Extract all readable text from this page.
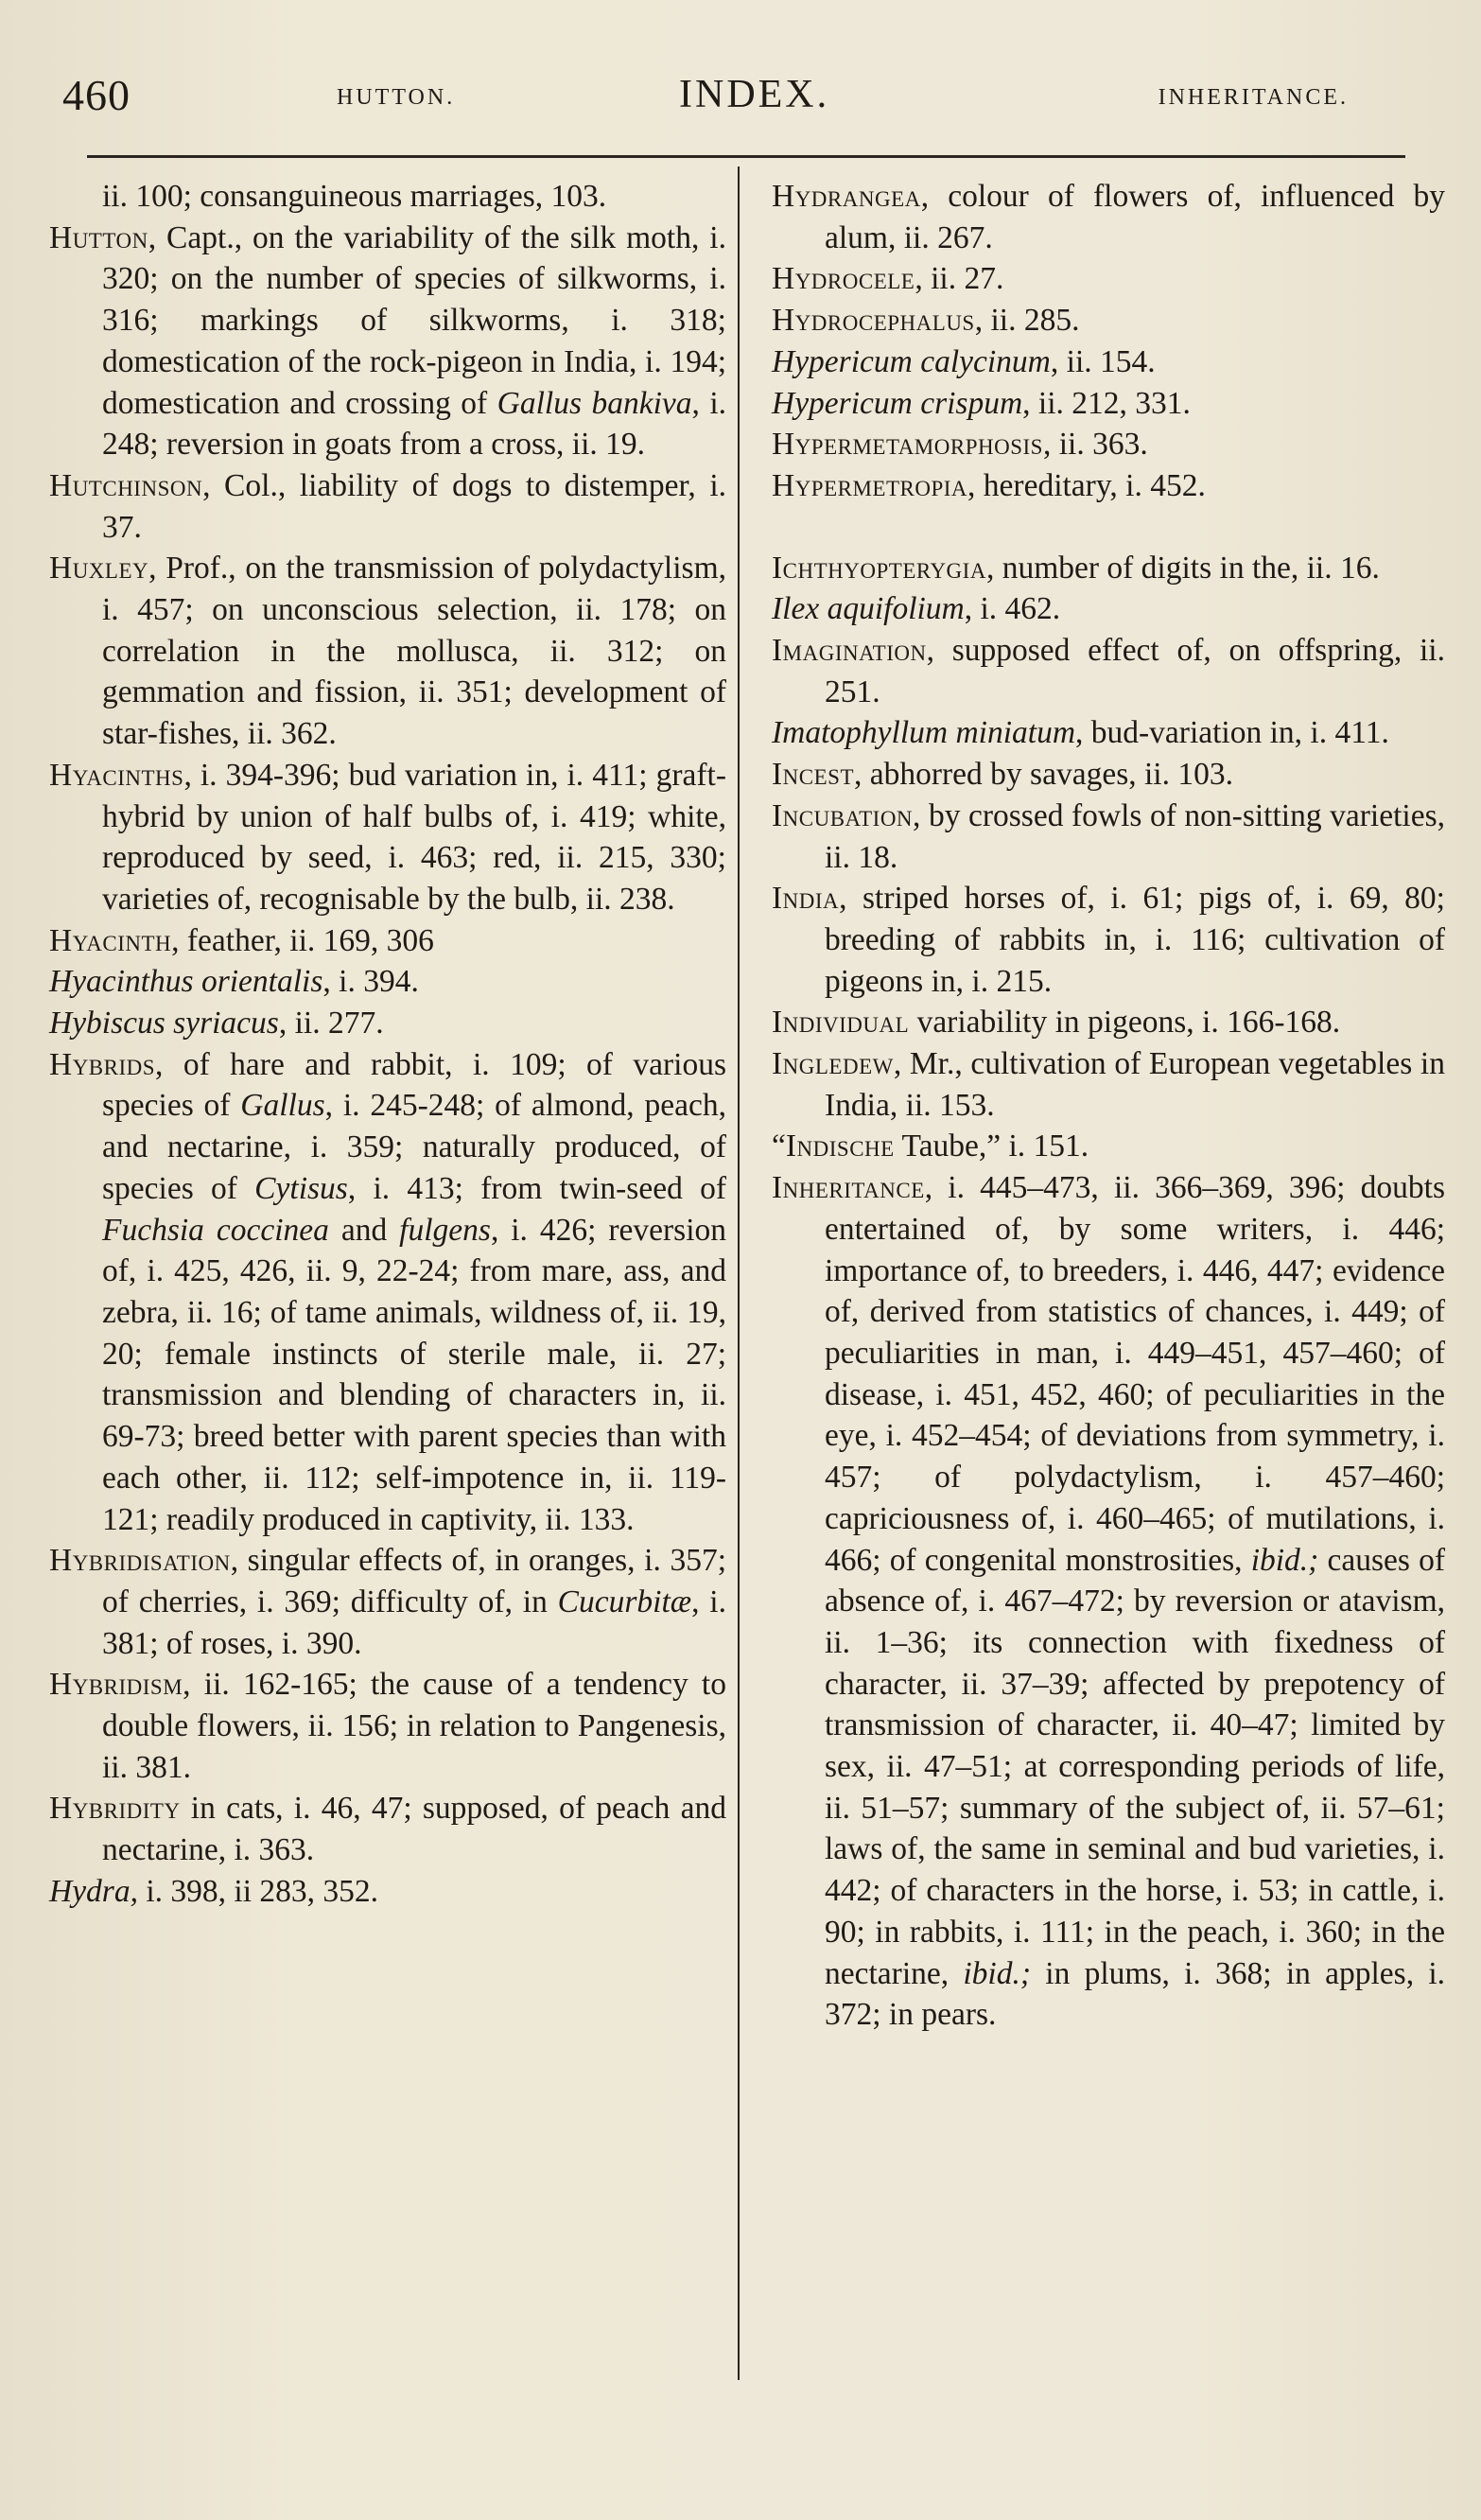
460	HUTTON.	INDEX.	INHERITANCE.

ii. 100; consanguineous marriages, 103.

Hutton, Capt., on the variability of the silk moth, i. 320; on the number of species of silkworms, i. 316; markings of silkworms, i. 318; domestication of the rock-pigeon in India, i. 194; domestication and crossing of Gallus bankiva, i. 248; reversion in goats from a cross, ii. 19.

Hutchinson, Col., liability of dogs to distemper, i. 37.

Huxley, Prof., on the transmission of polydactylism, i. 457; on unconscious selection, ii. 178; on correlation in the mollusca, ii. 312; on gemmation and fission, ii. 351; development of star-fishes, ii. 362.

Hyacinths, i. 394-396; bud variation in, i. 411; graft-hybrid by union of half bulbs of, i. 419; white, reproduced by seed, i. 463; red, ii. 215, 330; varieties of, recognisable by the bulb, ii. 238.

Hyacinth, feather, ii. 169, 306

Hyacinthus orientalis, i. 394.

Hybiscus syriacus, ii. 277.

Hybrids, of hare and rabbit, i. 109; of various species of Gallus, i. 245-248; of almond, peach, and nectarine, i. 359; naturally produced, of species of Cytisus, i. 413; from twin-seed of Fuchsia coccinea and fulgens, i. 426; reversion of, i. 425, 426, ii. 9, 22-24; from mare, ass, and zebra, ii. 16; of tame animals, wildness of, ii. 19, 20; female instincts of sterile male, ii. 27; transmission and blending of characters in, ii. 69-73; breed better with parent species than with each other, ii. 112; self-impotence in, ii. 119-121; readily produced in captivity, ii. 133.

Hybridisation, singular effects of, in oranges, i. 357; of cherries, i. 369; difficulty of, in Cucurbitæ, i. 381; of roses, i. 390.

Hybridism, ii. 162-165; the cause of a tendency to double flowers, ii. 156; in relation to Pangenesis, ii. 381.

Hybridity in cats, i. 46, 47; supposed, of peach and nectarine, i. 363.

Hydra, i. 398, ii 283, 352.

Hydrangea, colour of flowers of, influenced by alum, ii. 267.

Hydrocele, ii. 27.

Hydrocephalus, ii. 285.

Hypericum calycinum, ii. 154.

Hypericum crispum, ii. 212, 331.

Hypermetamorphosis, ii. 363.

Hypermetropia, hereditary, i. 452.

Ichthyopterygia, number of digits in the, ii. 16.

Ilex aquifolium, i. 462.

Imagination, supposed effect of, on offspring, ii. 251.

Imatophyllum miniatum, bud-variation in, i. 411.

Incest, abhorred by savages, ii. 103.

Incubation, by crossed fowls of non-sitting varieties, ii. 18.

India, striped horses of, i. 61; pigs of, i. 69, 80; breeding of rabbits in, i. 116; cultivation of pigeons in, i. 215.

Individual variability in pigeons, i. 166-168.

Ingledew, Mr., cultivation of European vegetables in India, ii. 153.

“Indische Taube,” i. 151.

Inheritance, i. 445–473, ii. 366–369, 396; doubts entertained of, by some writers, i. 446; importance of, to breeders, i. 446, 447; evidence of, derived from statistics of chances, i. 449; of peculiarities in man, i. 449–451, 457–460; of disease, i. 451, 452, 460; of peculiarities in the eye, i. 452–454; of deviations from symmetry, i. 457; of polydactylism, i. 457–460; capriciousness of, i. 460–465; of mutilations, i. 466; of congenital monstrosities, ibid.; causes of absence of, i. 467–472; by reversion or atavism, ii. 1–36; its connection with fixedness of character, ii. 37–39; affected by prepotency of transmission of character, ii. 40–47; limited by sex, ii. 47–51; at corresponding periods of life, ii. 51–57; summary of the subject of, ii. 57–61; laws of, the same in seminal and bud varieties, i. 442; of characters in the horse, i. 53; in cattle, i. 90; in rabbits, i. 111; in the peach, i. 360; in the nectarine, ibid.; in plums, i. 368; in apples, i. 372; in pears.
